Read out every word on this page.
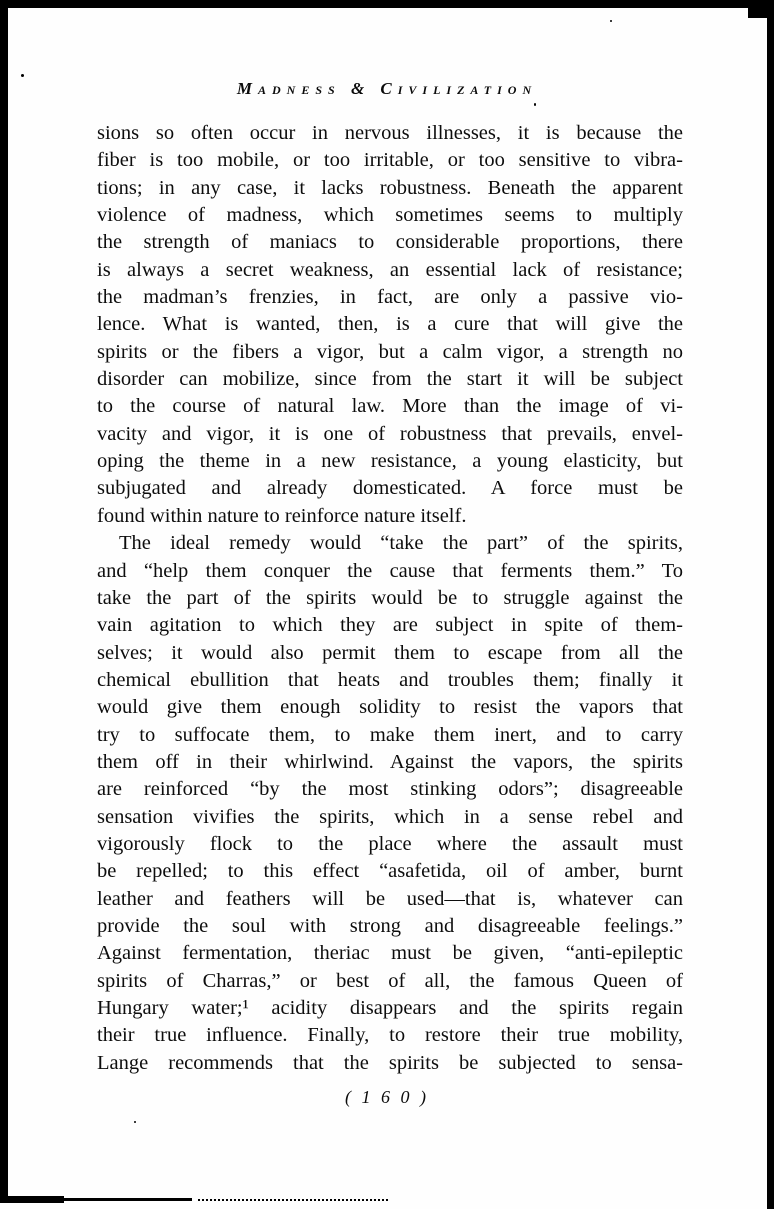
Madness & Civilization
sions so often occur in nervous illnesses, it is because the
fiber is too mobile, or too irritable, or too sensitive to vibra-
tions; in any case, it lacks robustness. Beneath the apparent
violence of madness, which sometimes seems to multiply
the strength of maniacs to considerable proportions, there
is always a secret weakness, an essential lack of resistance;
the madman’s frenzies, in fact, are only a passive vio-
lence. What is wanted, then, is a cure that will give the
spirits or the fibers a vigor, but a calm vigor, a strength no
disorder can mobilize, since from the start it will be subject
to the course of natural law. More than the image of vi-
vacity and vigor, it is one of robustness that prevails, envel-
oping the theme in a new resistance, a young elasticity, but
subjugated and already domesticated. A force must be
found within nature to reinforce nature itself.
The ideal remedy would “take the part” of the spirits,
and “help them conquer the cause that ferments them.” To
take the part of the spirits would be to struggle against the
vain agitation to which they are subject in spite of them-
selves; it would also permit them to escape from all the
chemical ebullition that heats and troubles them; finally it
would give them enough solidity to resist the vapors that
try to suffocate them, to make them inert, and to carry
them off in their whirlwind. Against the vapors, the spirits
are reinforced “by the most stinking odors”; disagreeable
sensation vivifies the spirits, which in a sense rebel and
vigorously flock to the place where the assault must
be repelled; to this effect “asafetida, oil of amber, burnt
leather and feathers will be used—that is, whatever can
provide the soul with strong and disagreeable feelings.”
Against fermentation, theriac must be given, “anti-epileptic
spirits of Charras,” or best of all, the famous Queen of
Hungary water;¹ acidity disappears and the spirits regain
their true influence. Finally, to restore their true mobility,
Lange recommends that the spirits be subjected to sensa-
( 1 6 0 )
